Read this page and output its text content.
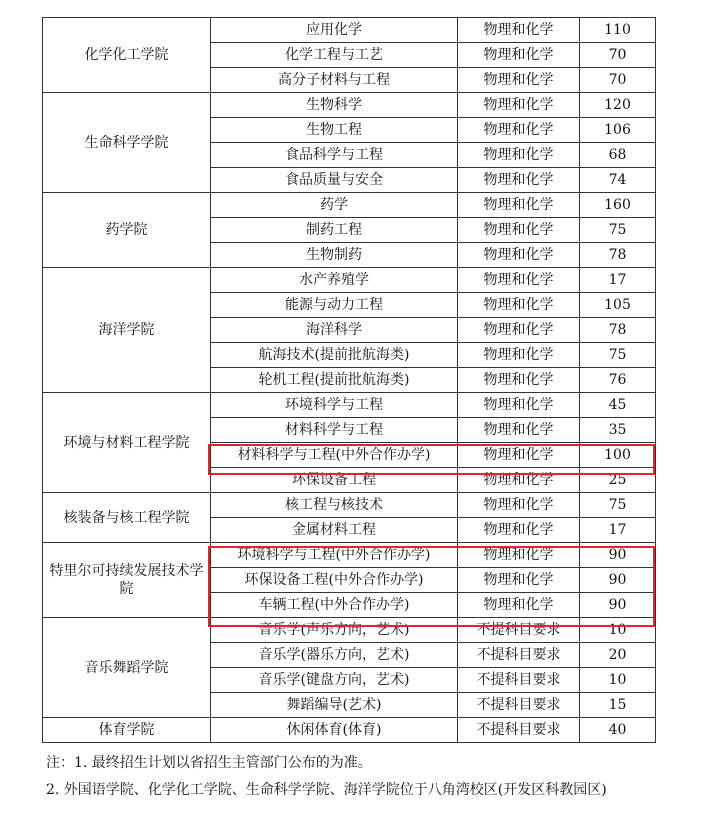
化学化工学院	应用化学	物理和化学	110
	化学工程与工艺	物理和化学	70
	高分子材料与工程	物理和化学	70
生命科学学院	生物科学	物理和化学	120
	生物工程	物理和化学	106
	食品科学与工程	物理和化学	68
	食品质量与安全	物理和化学	74
药学院	药学	物理和化学	160
	制药工程	物理和化学	75
	生物制药	物理和化学	78
海洋学院	水产养殖学	物理和化学	17
	能源与动力工程	物理和化学	105
	海洋科学	物理和化学	78
	航海技术(提前批航海类)	物理和化学	75
	轮机工程(提前批航海类)	物理和化学	76
环境与材料工程学院	环境科学与工程	物理和化学	45
	材料科学与工程	物理和化学	35
	材料科学与工程(中外合作办学)	物理和化学	100
	环保设备工程	物理和化学	25
核装备与核工程学院	核工程与核技术	物理和化学	75
	金属材料工程	物理和化学	17
特里尔可持续发展技术学院	环境科学与工程(中外合作办学)	物理和化学	90
	环保设备工程(中外合作办学)	物理和化学	90
	车辆工程(中外合作办学)	物理和化学	90
音乐舞蹈学院	音乐学(声乐方向，艺术)	不提科目要求	10
	音乐学(器乐方向，艺术)	不提科目要求	20
	音乐学(键盘方向，艺术)	不提科目要求	10
	舞蹈编导(艺术)	不提科目要求	15
体育学院	休闲体育(体育)	不提科目要求	40
注：1. 最终招生计划以省招生主管部门公布的为准。
2. 外国语学院、化学化工学院、生命科学学院、海洋学院位于八角湾校区(开发区科教园区)
